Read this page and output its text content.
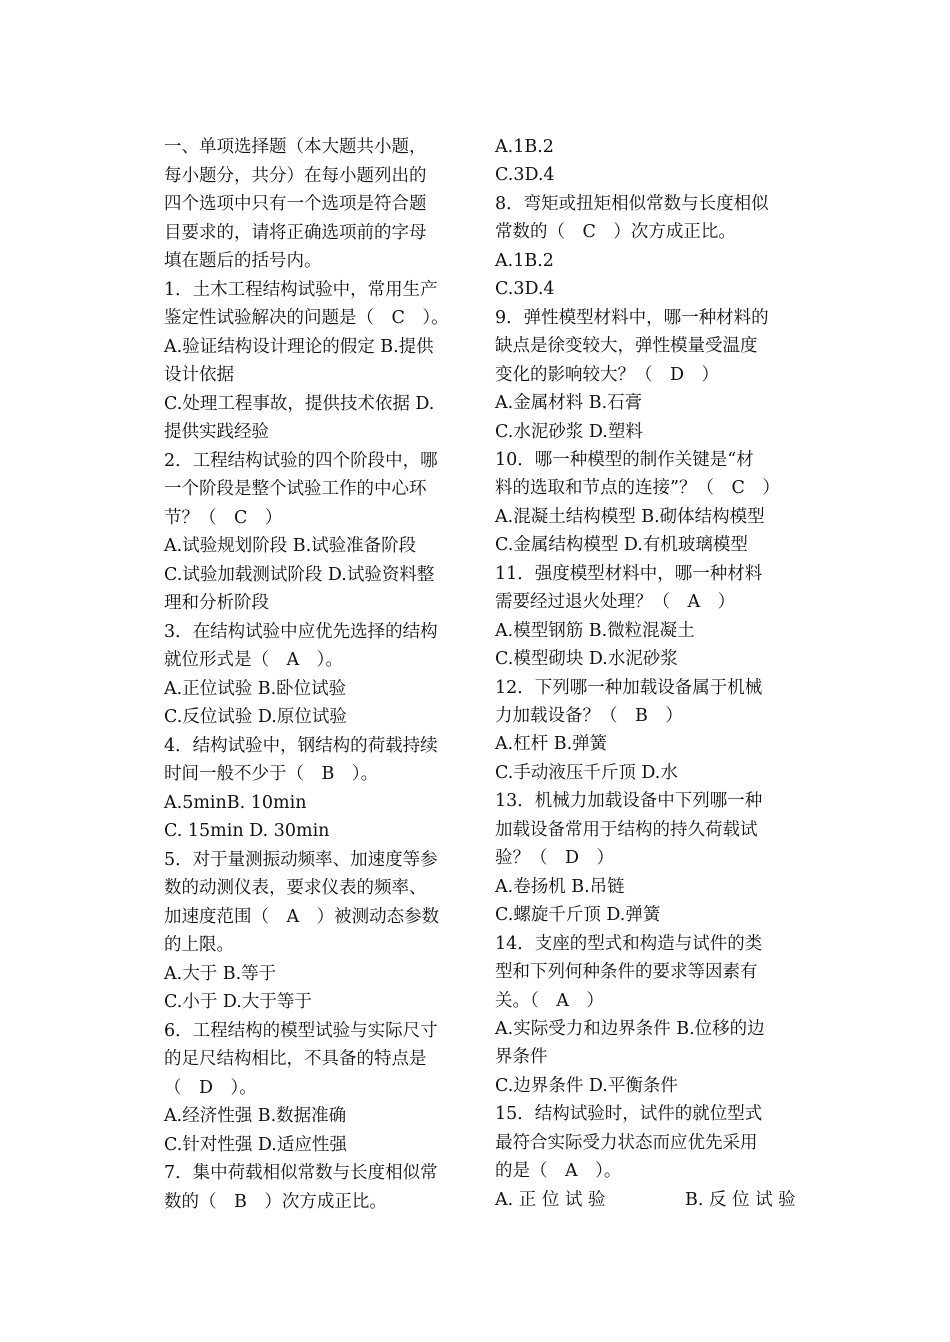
一、单项选择题（本大题共小题，
每小题分，共分）在每小题列出的
四个选项中只有一个选项是符合题
目要求的，请将正确选项前的字母
填在题后的括号内。
1．土木工程结构试验中，常用生产
鉴定性试验解决的问题是（　C　）。
A.验证结构设计理论的假定 B.提供
设计依据
C.处理工程事故，提供技术依据 D.
提供实践经验
2．工程结构试验的四个阶段中，哪
一个阶段是整个试验工作的中心环
节？（　C　）
A.试验规划阶段 B.试验准备阶段
C.试验加载测试阶段 D.试验资料整
理和分析阶段
3．在结构试验中应优先选择的结构
就位形式是（　A　）。
A.正位试验 B.卧位试验
C.反位试验 D.原位试验
4．结构试验中，钢结构的荷载持续
时间一般不少于（　B　）。
A.5minB. 10min
C. 15min D. 30min
5．对于量测振动频率、加速度等参
数的动测仪表，要求仪表的频率、
加速度范围（　A　）被测动态参数
的上限。
A.大于 B.等于
C.小于 D.大于等于
6．工程结构的模型试验与实际尺寸
的足尺结构相比，不具备的特点是
（　D　）。
A.经济性强 B.数据准确
C.针对性强 D.适应性强
7．集中荷载相似常数与长度相似常
数的（　B　）次方成正比。
A.1B.2
C.3D.4
8．弯矩或扭矩相似常数与长度相似
常数的（　C　）次方成正比。
A.1B.2
C.3D.4
9．弹性模型材料中，哪一种材料的
缺点是徐变较大，弹性模量受温度
变化的影响较大？（　D　）
A.金属材料 B.石膏
C.水泥砂浆 D.塑料
10．哪一种模型的制作关键是“材
料的选取和节点的连接”？（　C　）
A.混凝土结构模型 B.砌体结构模型
C.金属结构模型 D.有机玻璃模型
11．强度模型材料中，哪一种材料
需要经过退火处理？（　A　）
A.模型钢筋 B.微粒混凝土
C.模型砌块 D.水泥砂浆
12．下列哪一种加载设备属于机械
力加载设备？（　B　）
A.杠杆 B.弹簧
C.手动液压千斤顶 D.水
13．机械力加载设备中下列哪一种
加载设备常用于结构的持久荷载试
验？（　D　）
A.卷扬机 B.吊链
C.螺旋千斤顶 D.弹簧
14．支座的型式和构造与试件的类
型和下列何种条件的要求等因素有
关。（　A　）
A.实际受力和边界条件 B.位移的边
界条件
C.边界条件 D.平衡条件
15．结构试验时，试件的就位型式
最符合实际受力状态而应优先采用
的是（　A　）。
A. 正 位 试 验	B. 反 位 试 验
